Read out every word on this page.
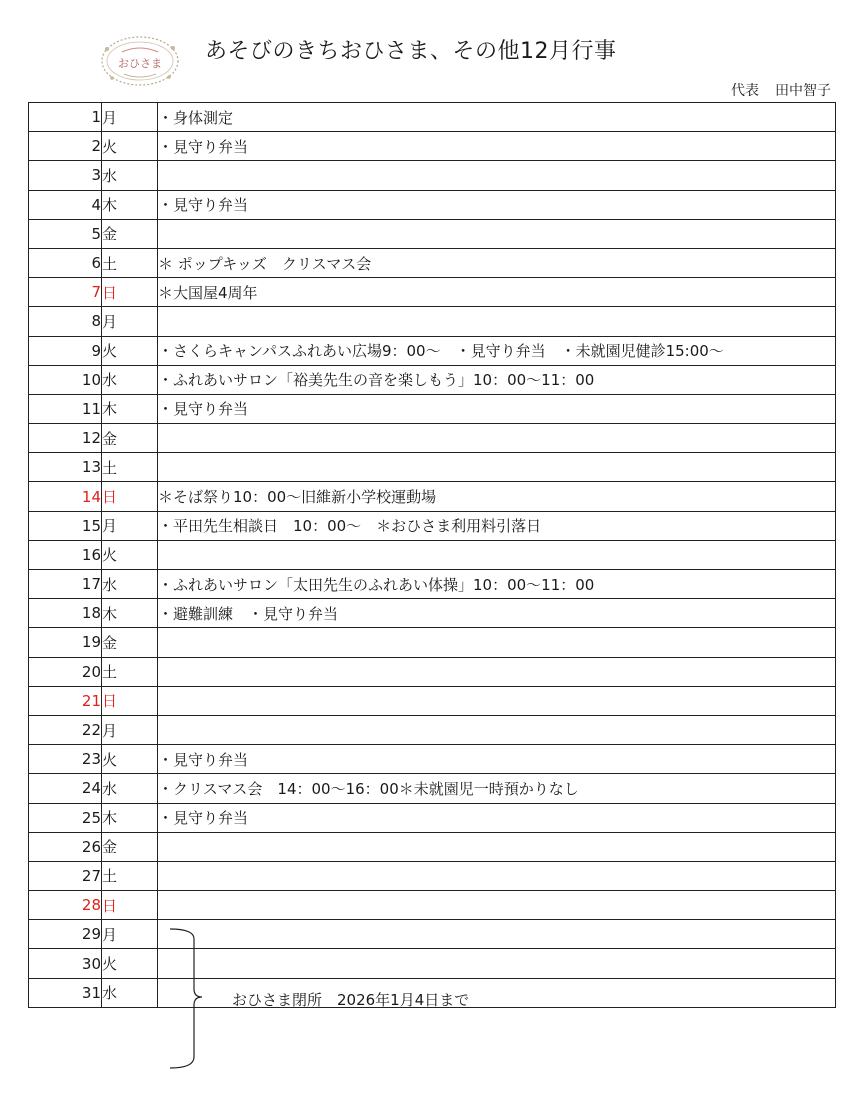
おひさま あそびのきちおひさま、その他12月行事
代表 田中智子
1	月	・身体測定
2	火	・見守り弁当
3	水	
4	木	・見守り弁当
5	金	
6	土	＊ ポップキッズ　クリスマス会
7	日	＊大国屋4周年
8	月	
9	火	・さくらキャンパスふれあい広場9：00～　・見守り弁当　・未就園児健診15:00～
10	水	・ふれあいサロン「裕美先生の音を楽しもう」10：00～11：00
11	木	・見守り弁当
12	金	
13	土	
14	日	＊そば祭り10：00～旧維新小学校運動場
15	月	・平田先生相談日　10：00～　＊おひさま利用料引落日
16	火	
17	水	・ふれあいサロン「太田先生のふれあい体操」10：00～11：00
18	木	・避難訓練　・見守り弁当
19	金	
20	土	
21	日	
22	月	
23	火	・見守り弁当
24	水	・クリスマス会　14：00～16：00＊未就園児一時預かりなし
25	木	・見守り弁当
26	金	
27	土	
28	日	
29	月	
30	火	
31	水		おひさま閉所　2026年1月4日まで
